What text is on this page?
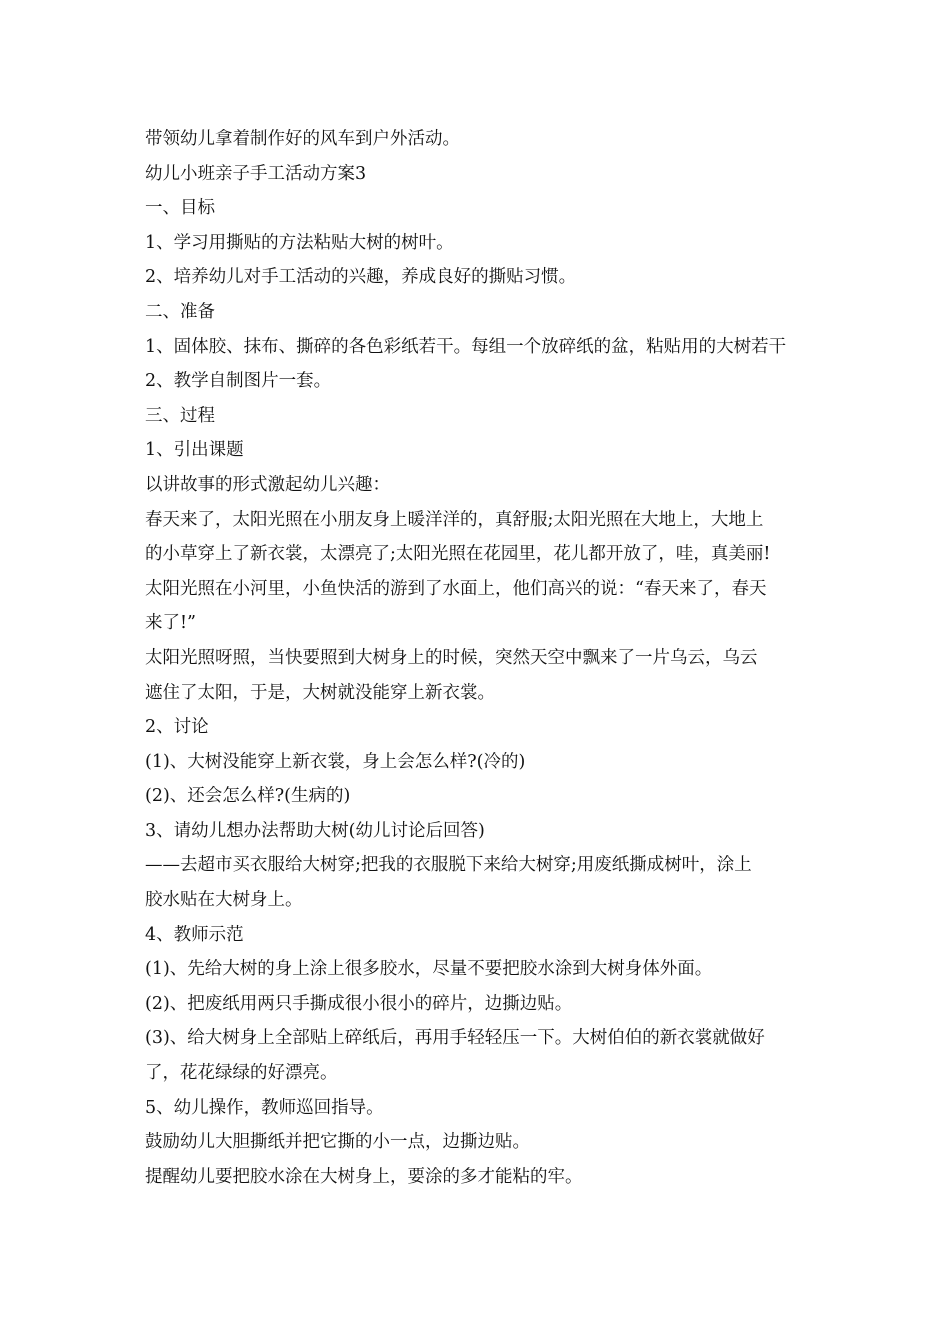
带领幼儿拿着制作好的风车到户外活动。
幼儿小班亲子手工活动方案3
一、目标
1、学习用撕贴的方法粘贴大树的树叶。
2、培养幼儿对手工活动的兴趣，养成良好的撕贴习惯。
二、准备
1、固体胶、抹布、撕碎的各色彩纸若干。每组一个放碎纸的盆，粘贴用的大树若干
2、教学自制图片一套。
三、过程
1、引出课题
以讲故事的形式激起幼儿兴趣：
春天来了，太阳光照在小朋友身上暖洋洋的，真舒服;太阳光照在大地上，大地上
的小草穿上了新衣裳，太漂亮了;太阳光照在花园里，花儿都开放了，哇，真美丽!
太阳光照在小河里，小鱼快活的游到了水面上，他们高兴的说：“春天来了，春天
来了!”
太阳光照呀照，当快要照到大树身上的时候，突然天空中飘来了一片乌云，乌云
遮住了太阳，于是，大树就没能穿上新衣裳。
2、讨论
(1)、大树没能穿上新衣裳，身上会怎么样?(冷的)
(2)、还会怎么样?(生病的)
3、请幼儿想办法帮助大树(幼儿讨论后回答)
——去超市买衣服给大树穿;把我的衣服脱下来给大树穿;用废纸撕成树叶，涂上
胶水贴在大树身上。
4、教师示范
(1)、先给大树的身上涂上很多胶水，尽量不要把胶水涂到大树身体外面。
(2)、把废纸用两只手撕成很小很小的碎片，边撕边贴。
(3)、给大树身上全部贴上碎纸后，再用手轻轻压一下。大树伯伯的新衣裳就做好
了，花花绿绿的好漂亮。
5、幼儿操作，教师巡回指导。
鼓励幼儿大胆撕纸并把它撕的小一点，边撕边贴。
提醒幼儿要把胶水涂在大树身上，要涂的多才能粘的牢。
